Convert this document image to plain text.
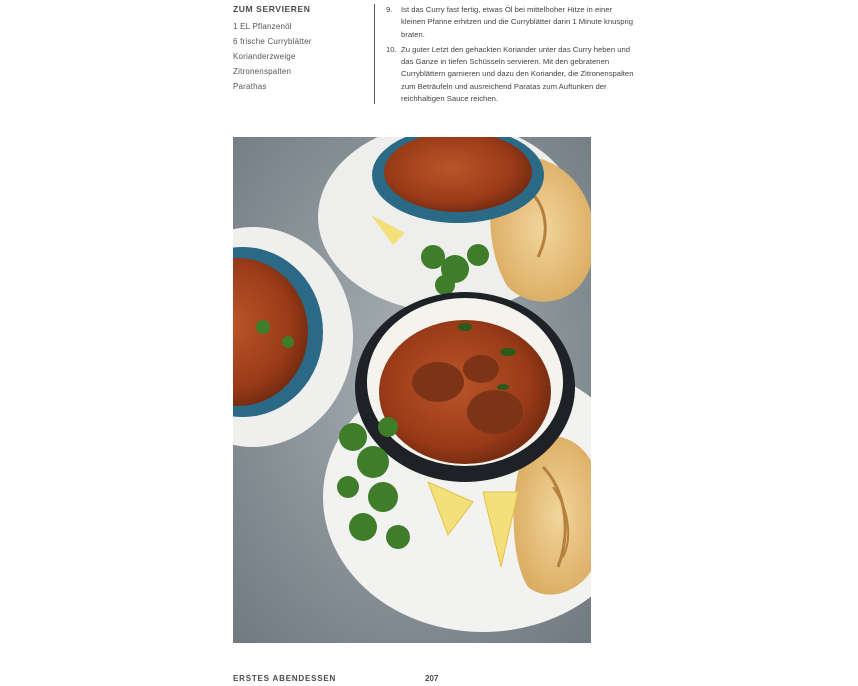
ZUM SERVIEREN
1 EL Pflanzenöl
6 frische Curryblätter
Korianderzweige
Zitronenspalten
Parathas
9. Ist das Curry fast fertig, etwas Öl bei mittelhoher Hitze in einer kleinen Pfanne erhitzen und die Curryblätter darin 1 Minute knusprig braten.
10. Zu guter Letzt den gehackten Koriander unter das Curry heben und das Ganze in tiefen Schüsseln servieren. Mit den gebratenen Curryblättern garnieren und dazu den Koriander, die Zitronenspalten zum Beträufeln und ausreichend Paratas zum Auftunken der reichhaltigen Sauce reichen.
ERSTES ABENDESSEN	207
